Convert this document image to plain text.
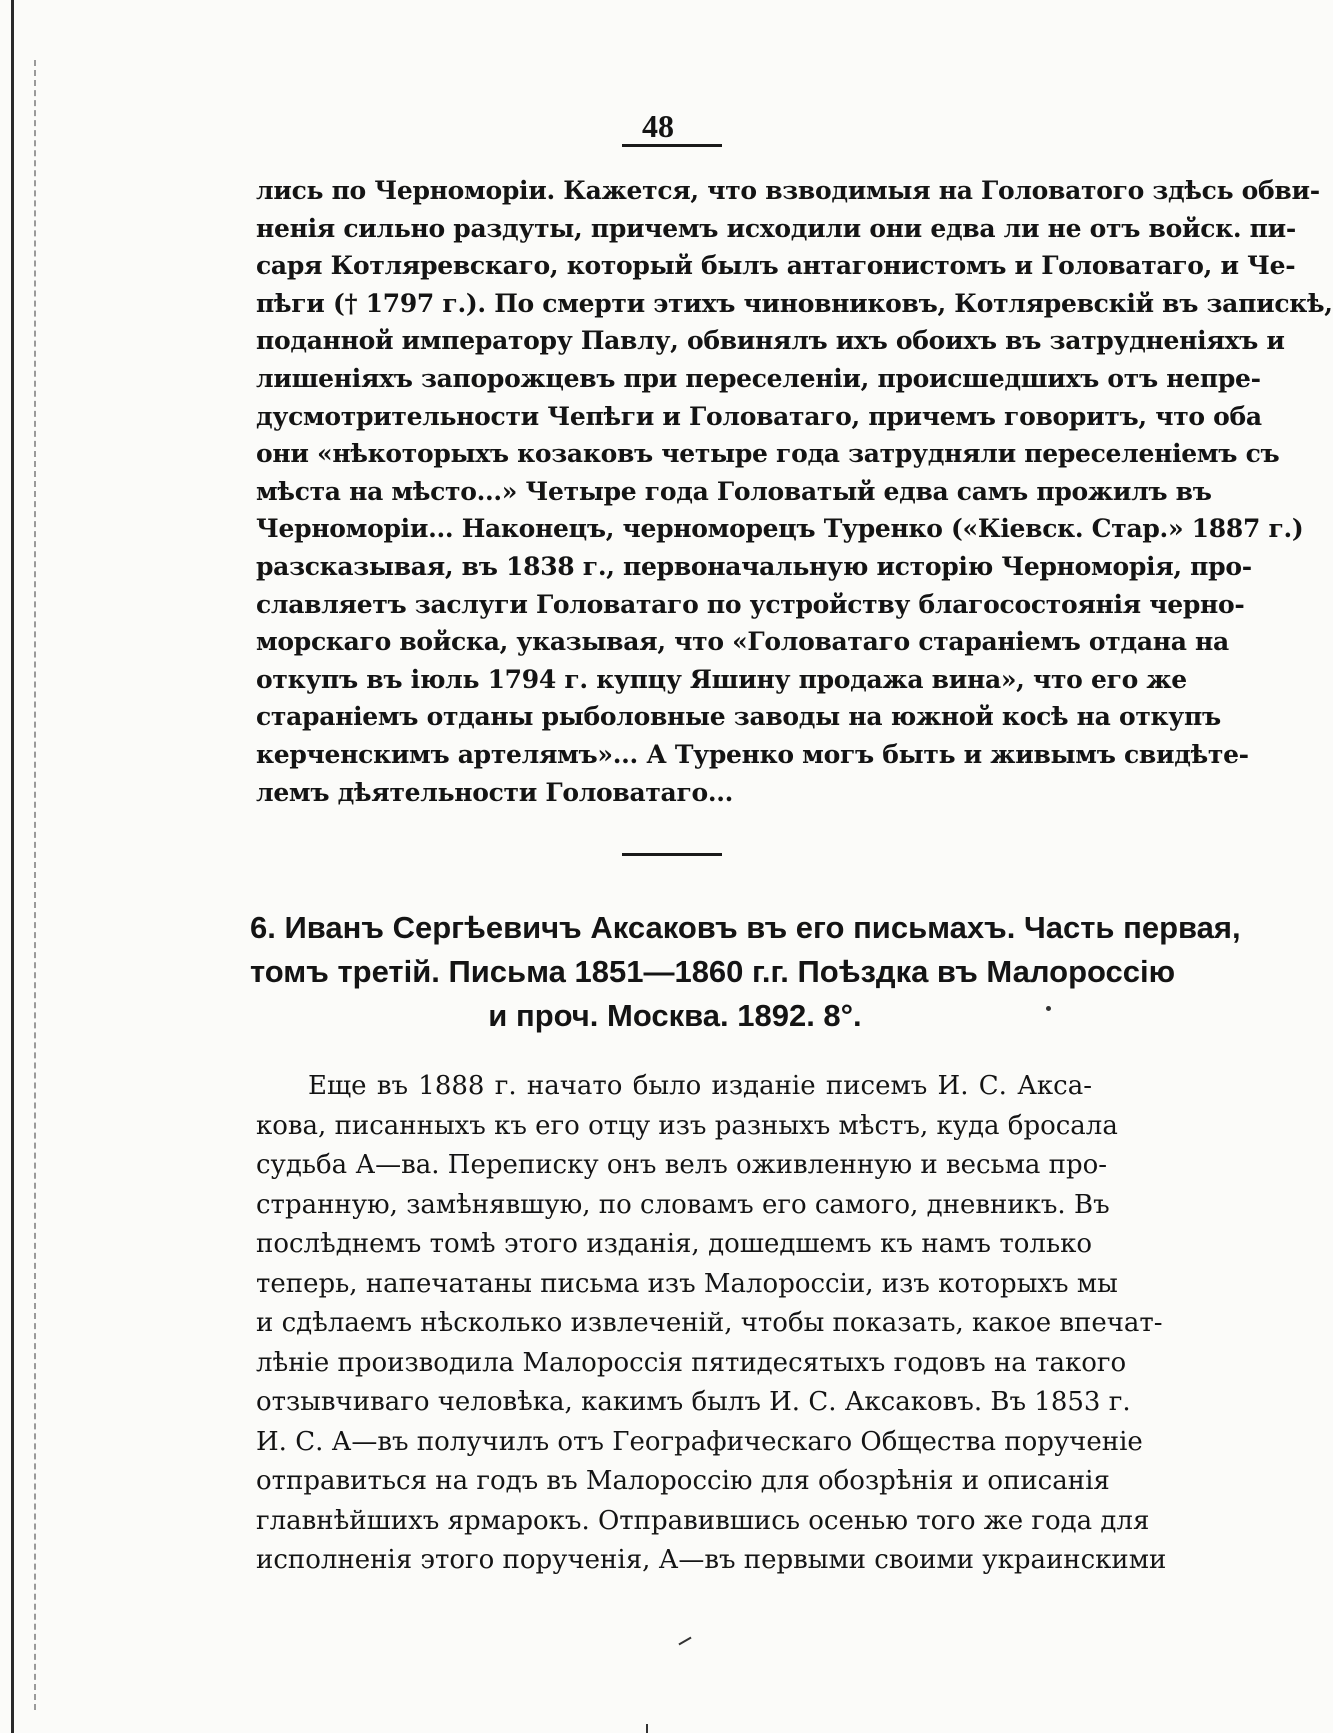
48
лись по Черноморіи. Кажется, что взводимыя на Головатого здѣсь обви-
ненія сильно раздуты, причемъ исходили они едва ли не отъ войск. пи-
саря Котляревскаго, который былъ антагонистомъ и Головатаго, и Че-
пѣги († 1797 г.). По смерти этихъ чиновниковъ, Котляревскій въ запискѣ,
поданной императору Павлу, обвинялъ ихъ обоихъ въ затрудненіяхъ и
лишеніяхъ запорожцевъ при переселеніи, происшедшихъ отъ непре-
дусмотрительности Чепѣги и Головатаго, причемъ говоритъ, что оба
они «нѣкоторыхъ козаковъ четыре года затрудняли переселеніемъ съ
мѣста на мѣсто...» Четыре года Головатый едва самъ прожилъ въ
Черноморіи... Наконецъ, черноморецъ Туренко («Кіевск. Стар.» 1887 г.)
разсказывая, въ 1838 г., первоначальную исторію Черноморія, про-
славляетъ заслуги Головатаго по устройству благосостоянія черно-
морскаго войска, указывая, что «Головатаго стараніемъ отдана на
откупъ въ іюль 1794 г. купцу Яшину продажа вина», что его же
стараніемъ отданы рыболовные заводы на южной косѣ на откупъ
керченскимъ артелямъ»... А Туренко могъ быть и живымъ свидѣте-
лемъ дѣятельности Головатаго...
6. Иванъ Сергѣевичъ Аксаковъ въ его письмахъ. Часть первая,
томъ третій. Письма 1851—1860 г.г. Поѣздка въ Малороссію
и проч. Москва. 1892. 8°.
Еще въ 1888 г. начато было изданіе писемъ И. С. Акса-
кова, писанныхъ къ его отцу изъ разныхъ мѣстъ, куда бросала
судьба А—ва. Переписку онъ велъ оживленную и весьма про-
странную, замѣнявшую, по словамъ его самого, дневникъ. Въ
послѣднемъ томѣ этого изданія, дошедшемъ къ намъ только
теперь, напечатаны письма изъ Малороссіи, изъ которыхъ мы
и сдѣлаемъ нѣсколько извлеченій, чтобы показать, какое впечат-
лѣніе производила Малороссія пятидесятыхъ годовъ на такого
отзывчиваго человѣка, какимъ былъ И. С. Аксаковъ. Въ 1853 г.
И. С. А—въ получилъ отъ Географическаго Общества порученіе
отправиться на годъ въ Малороссію для обозрѣнія и описанія
главнѣйшихъ ярмарокъ. Отправившись осенью того же года для
исполненія этого порученія, А—въ первыми своими украинскими
